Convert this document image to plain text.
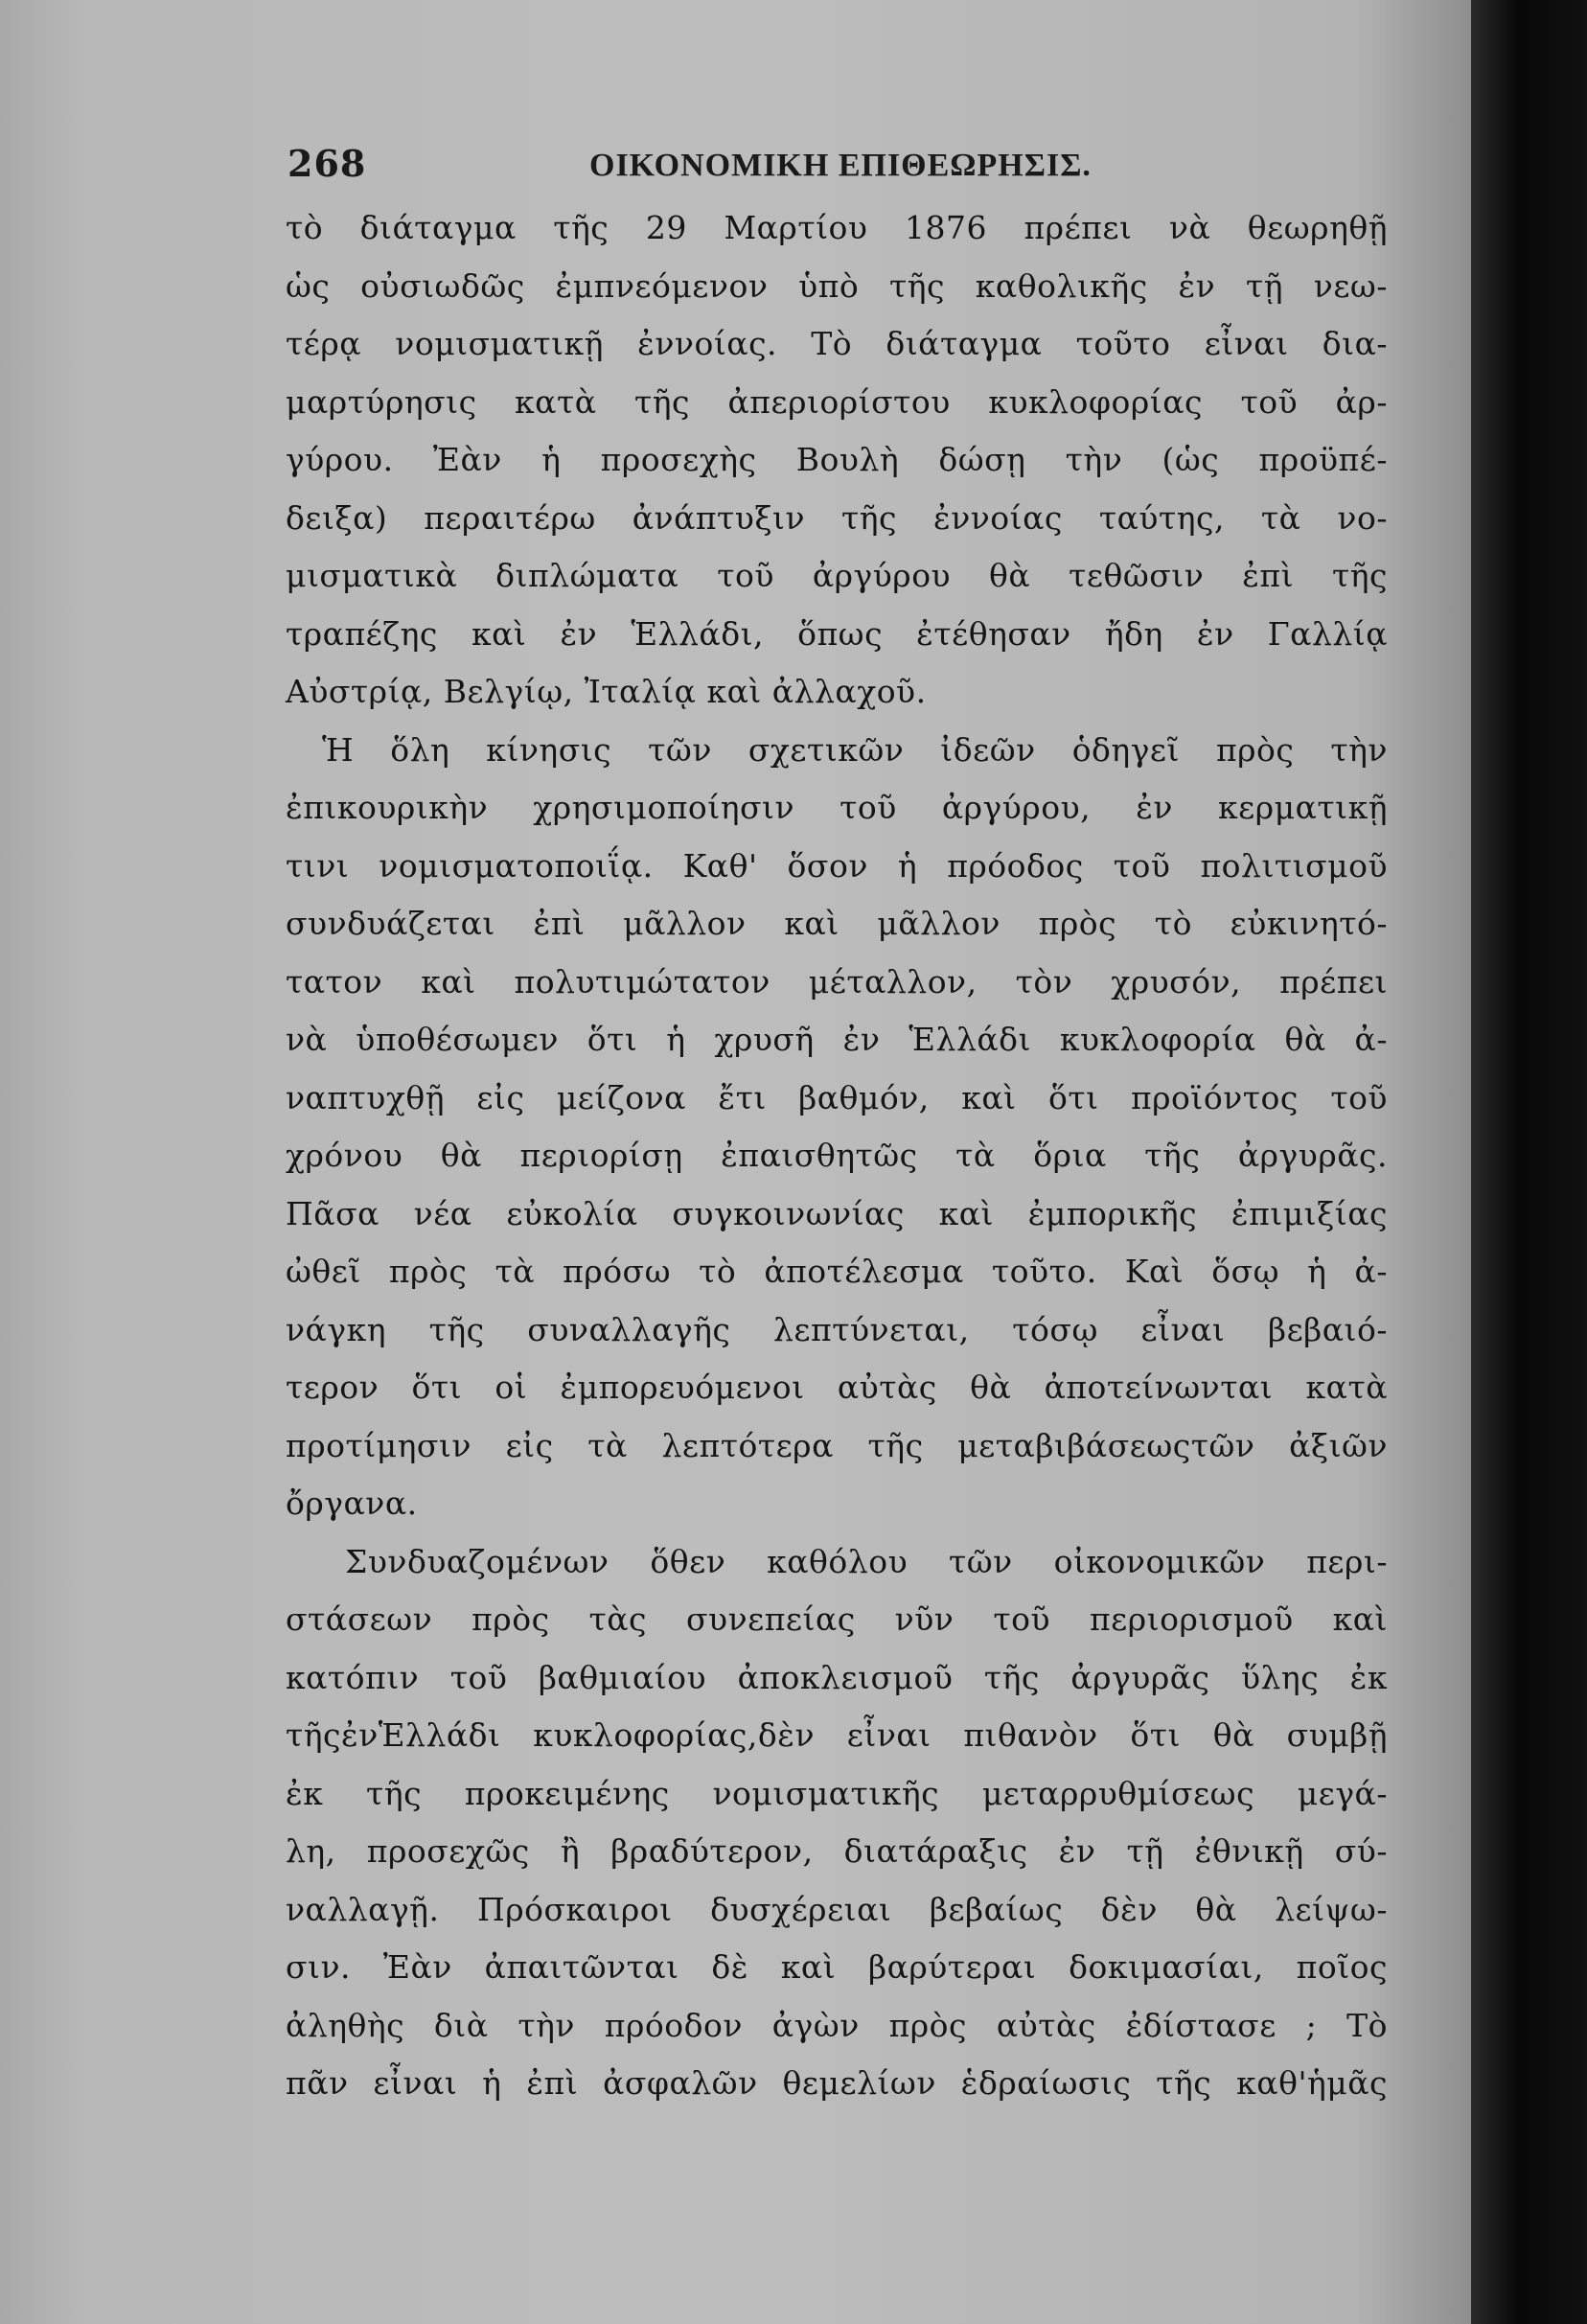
268	ΟΙΚΟΝΟΜΙΚΗ ΕΠΙΘΕΩΡΗΣΙΣ.
τὸ διάταγμα τῆς 29 Μαρτίου 1876 πρέπει νὰ θεωρηθῇ
ὡς οὐσιωδῶς ἐμπνεόμενον ὑπὸ τῆς καθολικῆς ἐν τῇ νεω-
τέρᾳ νομισματικῇ ἐννοίας. Τὸ διάταγμα τοῦτο εἶναι δια-
μαρτύρησις κατὰ τῆς ἀπεριορίστου κυκλοφορίας τοῦ ἀρ-
γύρου. Ἐὰν ἡ προσεχὴς Βουλὴ δώσῃ τὴν (ὡς προϋπέ-
δειξα) περαιτέρω ἀνάπτυξιν τῆς ἐννοίας ταύτης, τὰ νο-
μισματικὰ διπλώματα τοῦ ἀργύρου θὰ τεθῶσιν ἐπὶ τῆς
τραπέζης καὶ ἐν Ἑλλάδι, ὅπως ἐτέθησαν ἤδη ἐν Γαλλίᾳ
Αὐστρίᾳ, Βελγίῳ, Ἰταλίᾳ καὶ ἀλλαχοῦ.
Ἡ ὅλη κίνησις τῶν σχετικῶν ἰδεῶν ὁδηγεῖ πρὸς τὴν
ἐπικουρικὴν χρησιμοποίησιν τοῦ ἀργύρου, ἐν κερματικῇ
τινι νομισματοποιΐᾳ. Καθ' ὅσον ἡ πρόοδος τοῦ πολιτισμοῦ
συνδυάζεται ἐπὶ μᾶλλον καὶ μᾶλλον πρὸς τὸ εὐκινητό-
τατον καὶ πολυτιμώτατον μέταλλον, τὸν χρυσόν, πρέπει
νὰ ὑποθέσωμεν ὅτι ἡ χρυσῆ ἐν Ἑλλάδι κυκλοφορία θὰ ἀ-
ναπτυχθῇ εἰς μείζονα ἔτι βαθμόν, καὶ ὅτι προϊόντος τοῦ
χρόνου θὰ περιορίσῃ ἐπαισθητῶς τὰ ὅρια τῆς ἀργυρᾶς.
Πᾶσα νέα εὐκολία συγκοινωνίας καὶ ἐμπορικῆς ἐπιμιξίας
ὠθεῖ πρὸς τὰ πρόσω τὸ ἀποτέλεσμα τοῦτο. Καὶ ὅσῳ ἡ ἀ-
νάγκη τῆς συναλλαγῆς λεπτύνεται, τόσῳ εἶναι βεβαιό-
τερον ὅτι οἱ ἐμπορευόμενοι αὐτὰς θὰ ἀποτείνωνται κατὰ
προτίμησιν εἰς τὰ λεπτότερα τῆς μεταβιβάσεωςτῶν ἀξιῶν
ὄργανα.
Συνδυαζομένων ὅθεν καθόλου τῶν οἰκονομικῶν περι-
στάσεων πρὸς τὰς συνεπείας νῦν τοῦ περιορισμοῦ καὶ
κατόπιν τοῦ βαθμιαίου ἀποκλεισμοῦ τῆς ἀργυρᾶς ὕλης ἐκ
τῆςἐνἙλλάδι κυκλοφορίας,δὲν εἶναι πιθανὸν ὅτι θὰ συμβῇ
ἐκ τῆς προκειμένης νομισματικῆς μεταρρυθμίσεως μεγά-
λη, προσεχῶς ἢ βραδύτερον, διατάραξις ἐν τῇ ἐθνικῇ σύ-
ναλλαγῇ. Πρόσκαιροι δυσχέρειαι βεβαίως δὲν θὰ λείψω-
σιν. Ἐὰν ἀπαιτῶνται δὲ καὶ βαρύτεραι δοκιμασίαι, ποῖος
ἀληθὴς διὰ τὴν πρόοδον ἀγὼν πρὸς αὐτὰς ἐδίστασε ; Τὸ
πᾶν εἶναι ἡ ἐπὶ ἀσφαλῶν θεμελίων ἑδραίωσις τῆς καθ'ἡμᾶς
